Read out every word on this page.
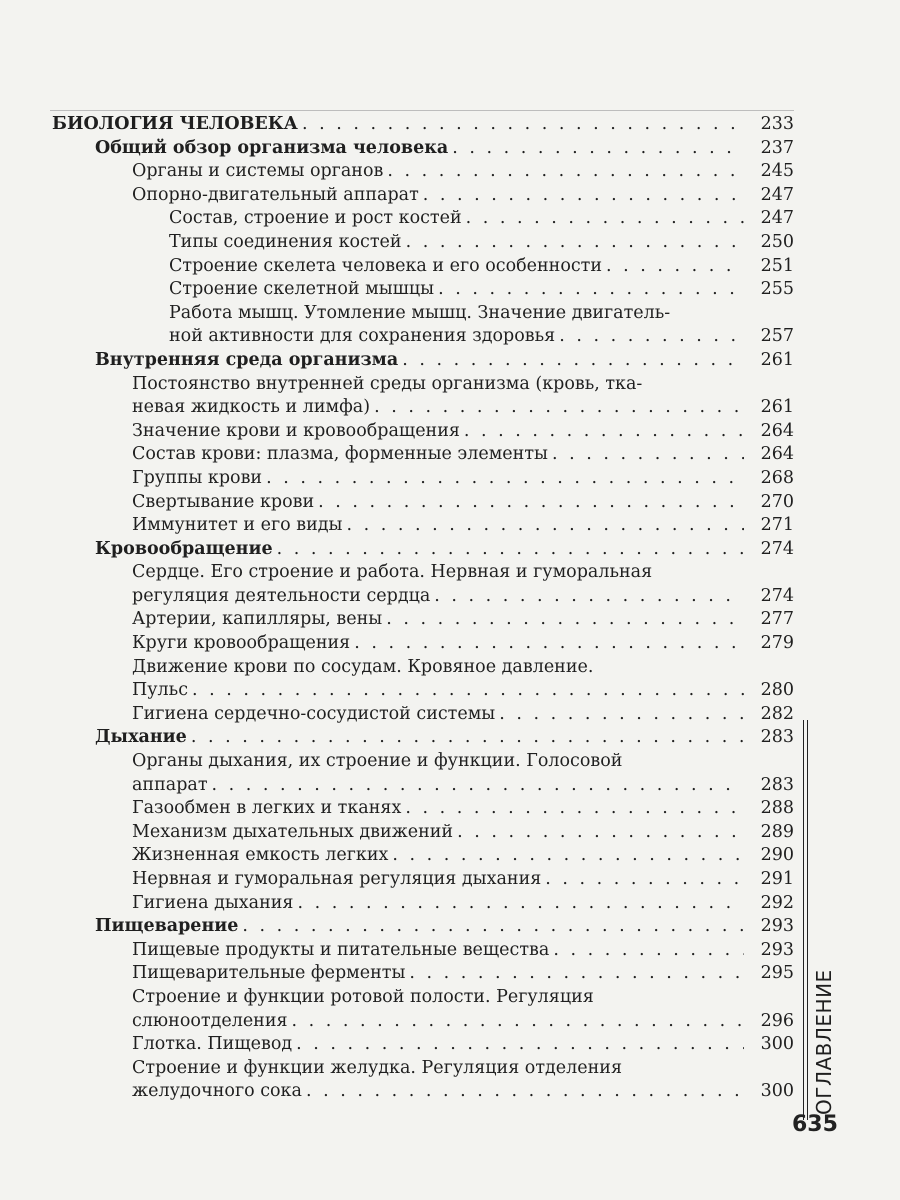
БИОЛОГИЯ ЧЕЛОВЕКА . . .	233
Общий обзор организма человека . . .	237
Органы и системы органов . . .	245
Опорно-двигательный аппарат . . .	247
Состав, строение и рост костей . . .	247
Типы соединения костей . . .	250
Строение скелета человека и его особенности . . .	251
Строение скелетной мышцы . . .	255
Работа мышц. Утомление мышц. Значение двигатель-
ной активности для сохранения здоровья . . .	257
Внутренняя среда организма . . .	261
Постоянство внутренней среды организма (кровь, тка-
невая жидкость и лимфа) . . .	261
Значение крови и кровообращения . . .	264
Состав крови: плазма, форменные элементы . . .	264
Группы крови . . .	268
Свертывание крови . . .	270
Иммунитет и его виды . . .	271
Кровообращение . . .	274
Сердце. Его строение и работа. Нервная и гуморальная
регуляция деятельности сердца . . .	274
Артерии, капилляры, вены . . .	277
Круги кровообращения . . .	279
Движение крови по сосудам. Кровяное давление.
Пульс . . .	280
Гигиена сердечно-сосудистой системы . . .	282
Дыхание . . .	283
Органы дыхания, их строение и функции. Голосовой
аппарат . . .	283
Газообмен в легких и тканях . . .	288
Механизм дыхательных движений . . .	289
Жизненная емкость легких . . .	290
Нервная и гуморальная регуляция дыхания . . .	291
Гигиена дыхания . . .	292
Пищеварение . . .	293
Пищевые продукты и питательные вещества . . .	293
Пищеварительные ферменты . . .	295
Строение и функции ротовой полости. Регуляция
слюноотделения . . .	296
Глотка. Пищевод . . .	300
Строение и функции желудка. Регуляция отделения
желудочного сока . . .	300 ОГЛАВЛЕНИЕ
635
